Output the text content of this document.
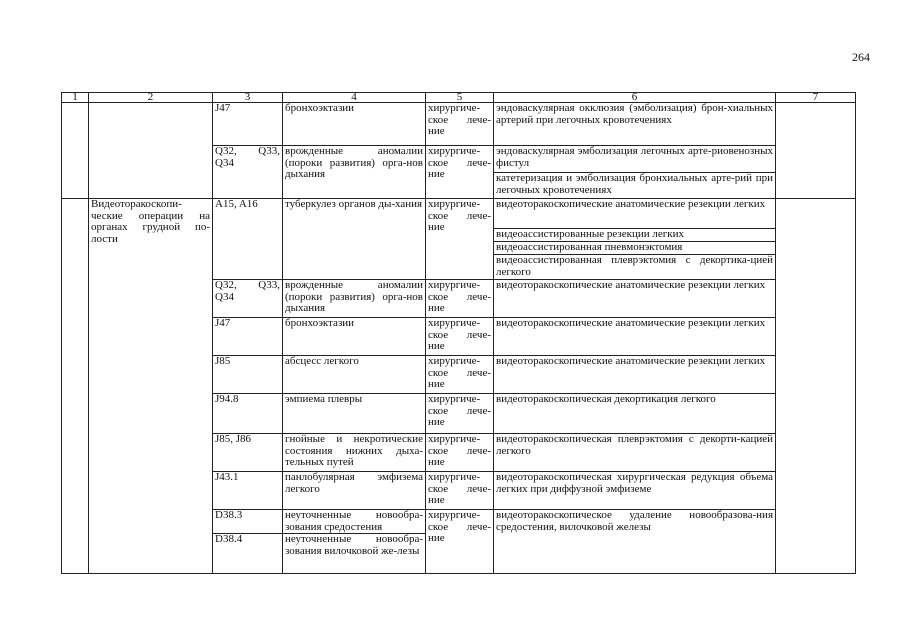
264
1	2	3	4	5	6	7
		J47	бронхоэктазии	хирургиче-ское лече-ние	эндоваскулярная окклюзия (эмболизация) брон-хиальных артерий при легочных кровотечениях	
		Q32, Q33, Q34	врожденные аномалии (пороки развития) орга-нов дыхания	хирургиче-ское лече-ние	эндоваскулярная эмболизация легочных арте-риовенозных фистул	
					катетеризация и эмболизация бронхиальных арте-рий при легочных кровотечениях	
	Видеоторакоскопи-ческие операции на органах грудной по-лости	A15, A16	туберкулез органов ды-хания	хирургиче-ское лече-ние	видеоторакоскопические анатомические резекции легких	
					видеоассистированные резекции легких	
					видеоассистированная пневмонэктомия	
					видеоассистированная плеврэктомия с декортика-цией легкого	
		Q32, Q33, Q34	врожденные аномалии (пороки развития) орга-нов дыхания	хирургиче-ское лече-ние	видеоторакоскопические анатомические резекции легких	
		J47	бронхоэктазии	хирургиче-ское лече-ние	видеоторакоскопические анатомические резекции легких	
		J85	абсцесс легкого	хирургиче-ское лече-ние	видеоторакоскопические анатомические резекции легких	
		J94.8	эмпиема плевры	хирургиче-ское лече-ние	видеоторакоскопическая декортикация легкого	
		J85, J86	гнойные и некротические состояния нижних дыха-тельных путей	хирургиче-ское лече-ние	видеоторакоскопическая плеврэктомия с декорти-кацией легкого	
		J43.1	панлобулярная эмфизема легкого	хирургиче-ское лече-ние	видеоторакоскопическая хирургическая редукция объема легких при диффузной эмфиземе	
		D38.3	неуточненные новообра-зования средостения	хирургиче-ское лече-ние	видеоторакоскопическое удаление новообразова-ния средостения, вилочковой железы	
		D38.4	неуточненные новообра-зования вилочковой же-лезы			
